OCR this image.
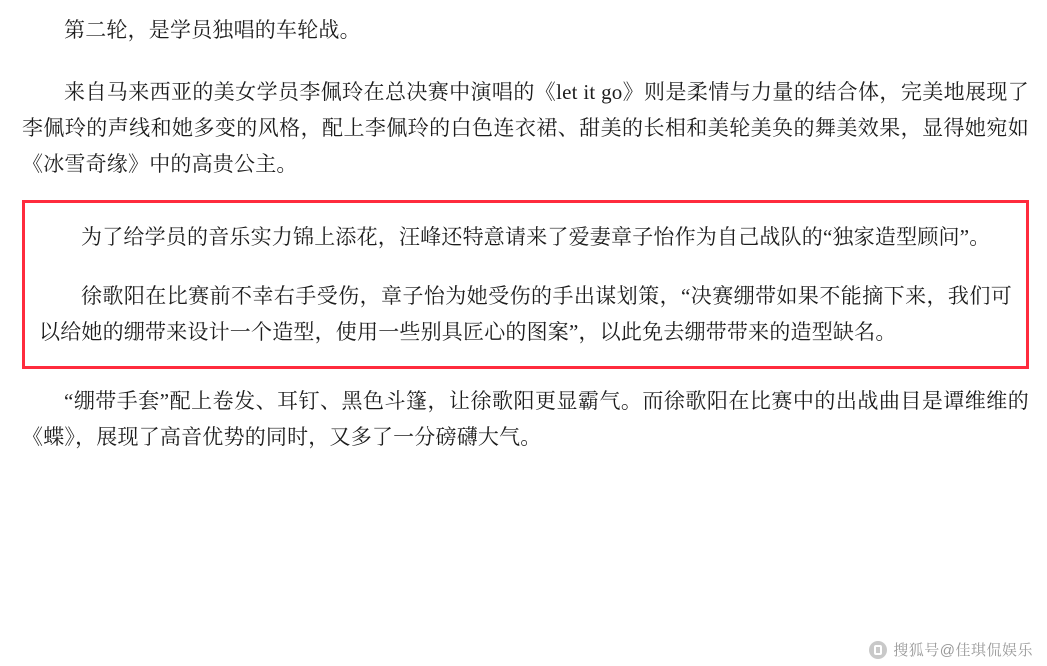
第二轮，是学员独唱的车轮战。

来自马来西亚的美女学员李佩玲在总决赛中演唱的《let it go》则是柔情与力量的结合体，完美地展现了李佩玲的声线和她多变的风格，配上李佩玲的白色连衣裙、甜美的长相和美轮美奂的舞美效果，显得她宛如《冰雪奇缘》中的高贵公主。

为了给学员的音乐实力锦上添花，汪峰还特意请来了爱妻章子怡作为自己战队的“独家造型顾问”。

徐歌阳在比赛前不幸右手受伤，章子怡为她受伤的手出谋划策，“决赛绷带如果不能摘下来，我们可以给她的绷带来设计一个造型，使用一些别具匠心的图案”，以此免去绷带带来的造型缺名。

“绷带手套”配上卷发、耳钉、黑色斗篷，让徐歌阳更显霸气。而徐歌阳在比赛中的出战曲目是谭维维的《蝶》，展现了高音优势的同时，又多了一分磅礴大气。

搜狐号@佳琪侃娱乐
